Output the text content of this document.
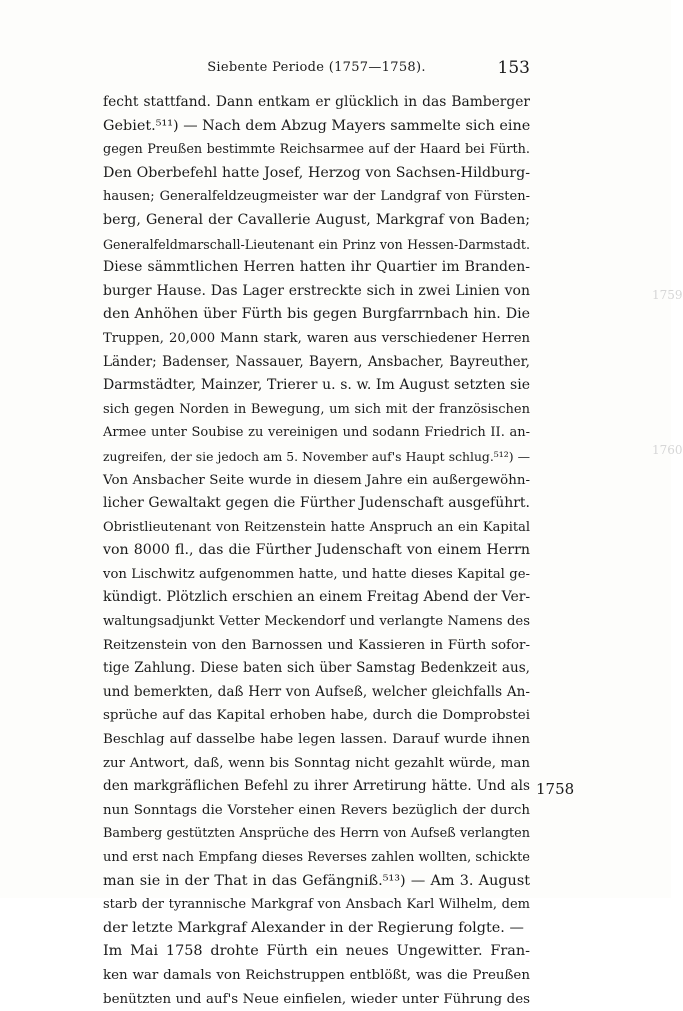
Siebente Periode (1757—1758).	153
fecht stattfand. Dann entkam er glücklich in das Bamberger
Gebiet.⁵¹¹) — Nach dem Abzug Mayers sammelte sich eine
gegen Preußen bestimmte Reichsarmee auf der Haard bei Fürth.
Den Oberbefehl hatte Josef, Herzog von Sachsen-Hildburg-
hausen; Generalfeldzeugmeister war der Landgraf von Fürsten-
berg, General der Cavallerie August, Markgraf von Baden;
Generalfeldmarschall-Lieutenant ein Prinz von Hessen-Darmstadt.
Diese sämmtlichen Herren hatten ihr Quartier im Branden-
burger Hause. Das Lager erstreckte sich in zwei Linien von
den Anhöhen über Fürth bis gegen Burgfarrnbach hin. Die
Truppen, 20,000 Mann stark, waren aus verschiedener Herren
Länder; Badenser, Nassauer, Bayern, Ansbacher, Bayreuther,
Darmstädter, Mainzer, Trierer u. s. w. Im August setzten sie
sich gegen Norden in Bewegung, um sich mit der französischen
Armee unter Soubise zu vereinigen und sodann Friedrich II. an-
zugreifen, der sie jedoch am 5. November auf's Haupt schlug.⁵¹²) —
Von Ansbacher Seite wurde in diesem Jahre ein außergewöhn-
licher Gewaltakt gegen die Fürther Judenschaft ausgeführt.
Obristlieutenant von Reitzenstein hatte Anspruch an ein Kapital
von 8000 fl., das die Fürther Judenschaft von einem Herrn
von Lischwitz aufgenommen hatte, und hatte dieses Kapital ge-
kündigt. Plötzlich erschien an einem Freitag Abend der Ver-
waltungsadjunkt Vetter Meckendorf und verlangte Namens des
Reitzenstein von den Barnossen und Kassieren in Fürth sofor-
tige Zahlung. Diese baten sich über Samstag Bedenkzeit aus,
und bemerkten, daß Herr von Aufseß, welcher gleichfalls An-
sprüche auf das Kapital erhoben habe, durch die Domprobstei
Beschlag auf dasselbe habe legen lassen. Darauf wurde ihnen
zur Antwort, daß, wenn bis Sonntag nicht gezahlt würde, man
den markgräflichen Befehl zu ihrer Arretirung hätte. Und als
nun Sonntags die Vorsteher einen Revers bezüglich der durch
Bamberg gestützten Ansprüche des Herrn von Aufseß verlangten
und erst nach Empfang dieses Reverses zahlen wollten, schickte
man sie in der That in das Gefängniß.⁵¹³) — Am 3. August
starb der tyrannische Markgraf von Ansbach Karl Wilhelm, dem
der letzte Markgraf Alexander in der Regierung folgte. —
Im Mai 1758 drohte Fürth ein neues Ungewitter. Fran-
ken war damals von Reichstruppen entblößt, was die Preußen
benützten und auf's Neue einfielen, wieder unter Führung des
1758
1759
1760
